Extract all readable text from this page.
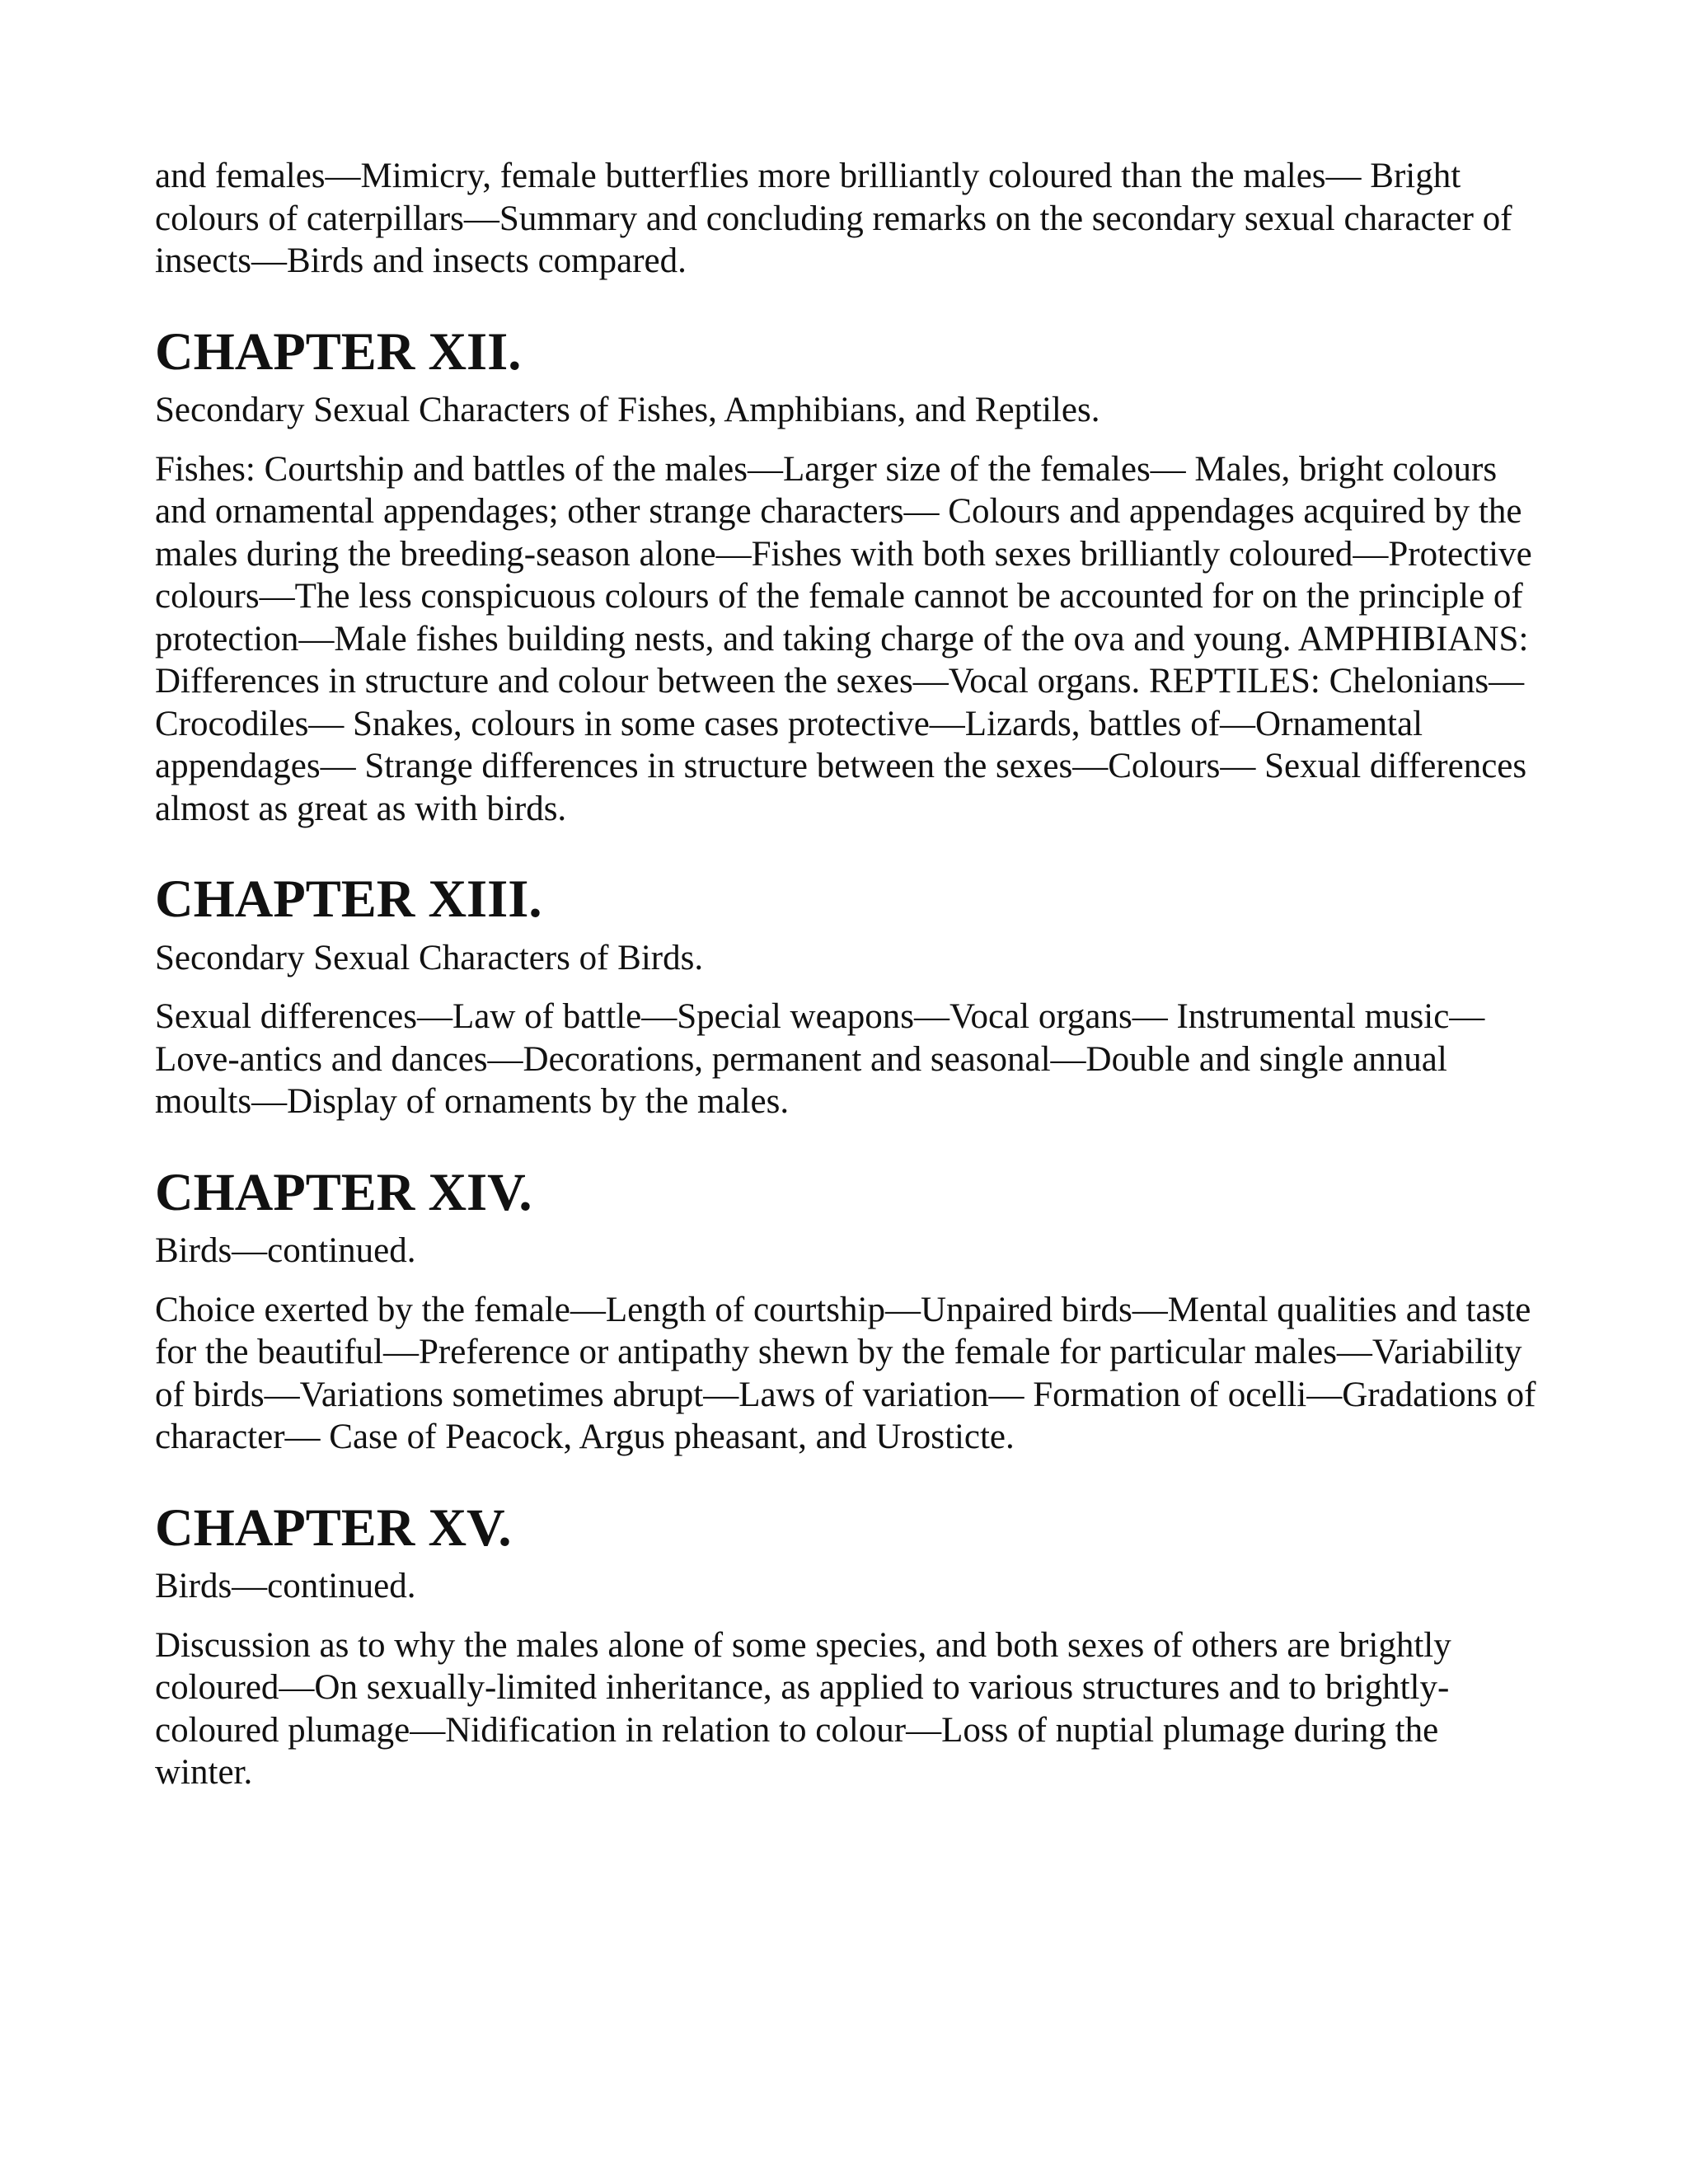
and females—Mimicry, female butterflies more brilliantly coloured than the males— Bright colours of caterpillars—Summary and concluding remarks on the secondary sexual character of insects—Birds and insects compared.

CHAPTER XII.

Secondary Sexual Characters of Fishes, Amphibians, and Reptiles.

Fishes: Courtship and battles of the males—Larger size of the females— Males, bright colours and ornamental appendages; other strange characters— Colours and appendages acquired by the males during the breeding-season alone—Fishes with both sexes brilliantly coloured—Protective colours—The less conspicuous colours of the female cannot be accounted for on the principle of protection—Male fishes building nests, and taking charge of the ova and young. AMPHIBIANS: Differences in structure and colour between the sexes—Vocal organs. REPTILES: Chelonians—Crocodiles— Snakes, colours in some cases protective—Lizards, battles of—Ornamental appendages— Strange differences in structure between the sexes—Colours— Sexual differences almost as great as with birds.

CHAPTER XIII.

Secondary Sexual Characters of Birds.

Sexual differences—Law of battle—Special weapons—Vocal organs— Instrumental music—Love-antics and dances—Decorations, permanent and seasonal—Double and single annual moults—Display of ornaments by the males.

CHAPTER XIV.

Birds—continued.

Choice exerted by the female—Length of courtship—Unpaired birds—Mental qualities and taste for the beautiful—Preference or antipathy shewn by the female for particular males—Variability of birds—Variations sometimes abrupt—Laws of variation— Formation of ocelli—Gradations of character— Case of Peacock, Argus pheasant, and Urosticte.

CHAPTER XV.

Birds—continued.

Discussion as to why the males alone of some species, and both sexes of others are brightly coloured—On sexually-limited inheritance, as applied to various structures and to brightly-coloured plumage—Nidification in relation to colour—Loss of nuptial plumage during the winter.
